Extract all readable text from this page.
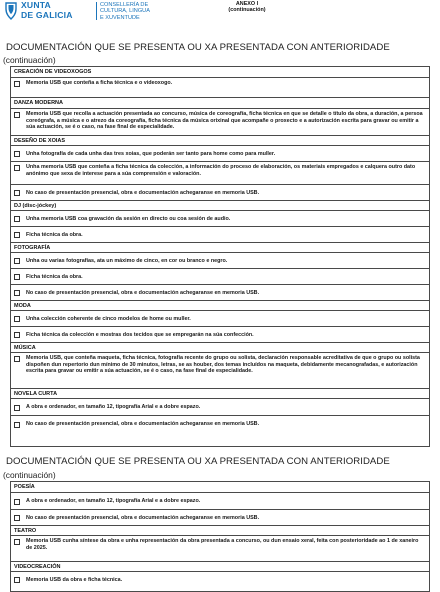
XUNTA
DE GALICIA
CONSELLERÍA DE
CULTURA, LINGUA
E XUVENTUDE
ANEXO I
(continuación)
DOCUMENTACIÓN QUE SE PRESENTA OU XA PRESENTADA CON ANTERIORIDADE
(continuación)
CREACIÓN DE VIDEOXOGOS
Memoria USB que conteña a ficha técnica e o videoxogo.
DANZA MODERNA
Memoria USB que recolla a actuación presentada ao concurso, música de coreografía, ficha técnica en que se detalle o título da obra, a duración, a persoa coreógrafa, a música e o atrezo da coreografía, ficha técnica da música orixinal que acompañe o proxecto e a autorización escrita para gravar ou emitir a súa actuación, se é o caso, na fase final de especialidade.
DESEÑO DE XOIAS
Unha fotografía de cada unha das tres xoias, que poderán ser tanto para home como para muller.
Unha memoria USB que conteña a ficha técnica da colección, a información do proceso de elaboración, os materiais empregados e calquera outro dato anónimo que sexa de interese para a súa comprensión e valoración.
No caso de presentación presencial, obra e documentación achegaranse en memoria USB.
DJ (disc-jóckey)
Unha memoria USB coa gravación da sesión en directo ou coa sesión de audio.
Ficha técnica da obra.
FOTOGRAFÍA
Unha ou varias fotografías, ata un máximo de cinco, en cor ou branco e negro.
Ficha técnica da obra.
No caso de presentación presencial, obra e documentación achegaranse en memoria USB.
MODA
Unha colección coherente de cinco modelos de home ou muller.
Ficha técnica da colección e mostras dos tecidos que se empregarán na súa confección.
MÚSICA
Memoria USB, que conteña maqueta, ficha técnica, fotografía recente do grupo ou solista, declaración responsable acreditativa de que o grupo ou solista dispoñen dun repertorio dun mínimo de 30 minutos, letras, se as houber, dos temas incluídos na maqueta, debidamente mecanografadas, e autorización escrita para gravar ou emitir a súa actuación, se é o caso, na fase final de especialidade.
NOVELA CURTA
A obra e ordenador, en tamaño 12, tipografía Arial e a dobre espazo.
No caso de presentación presencial, obra e documentación achegaranse en memoria USB.
DOCUMENTACIÓN QUE SE PRESENTA OU XA PRESENTADA CON ANTERIORIDADE
(continuación)
POESÍA
A obra e ordenador, en tamaño 12, tipografía Arial e a dobre espazo.
No caso de presentación presencial, obra e documentación achegaranse en memoria USB.
TEATRO
Memoria USB cunha síntese da obra e unha representación da obra presentada a concurso, ou dun ensaio xeral, feita con posterioridade ao 1 de xaneiro de 2025.
VIDEOCREACIÓN
Memoria USB da obra e ficha técnica.
